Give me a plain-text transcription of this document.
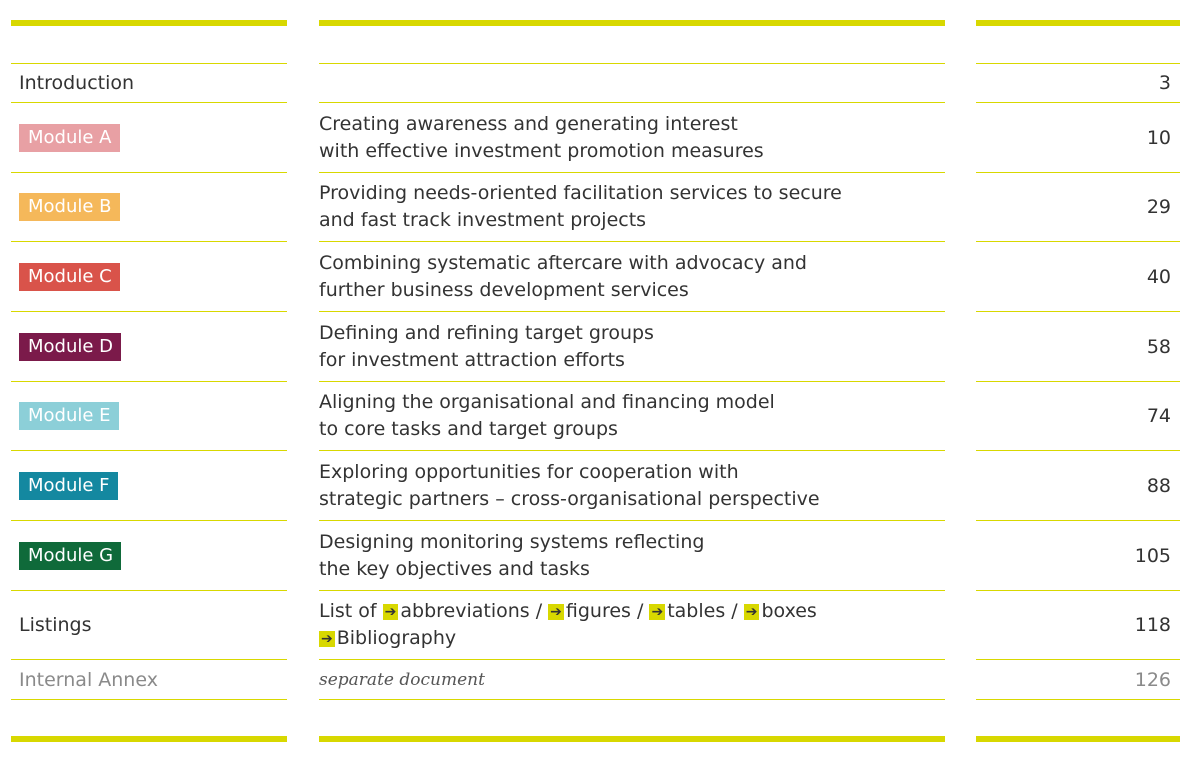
Introduction
Module A
Module B
Module C
Module D
Module E
Module F
Module G
Listings
Internal Annex
Creating awareness and generating interest
with effective investment promotion measures
Providing needs-oriented facilitation services to secure
and fast track investment projects
Combining systematic aftercare with advocacy and
further business development services
Defining and refining target groups
for investment attraction efforts
Aligning the organisational and financing model
to core tasks and target groups
Exploring opportunities for cooperation with
strategic partners – cross-organisational perspective
Designing monitoring systems reflecting
the key objectives and tasks
List of ➔ abbreviations / ➔ figures / ➔ tables / ➔ boxes
➔ Bibliography
separate document
3
10
29
40
58
74
88
105
118
126
